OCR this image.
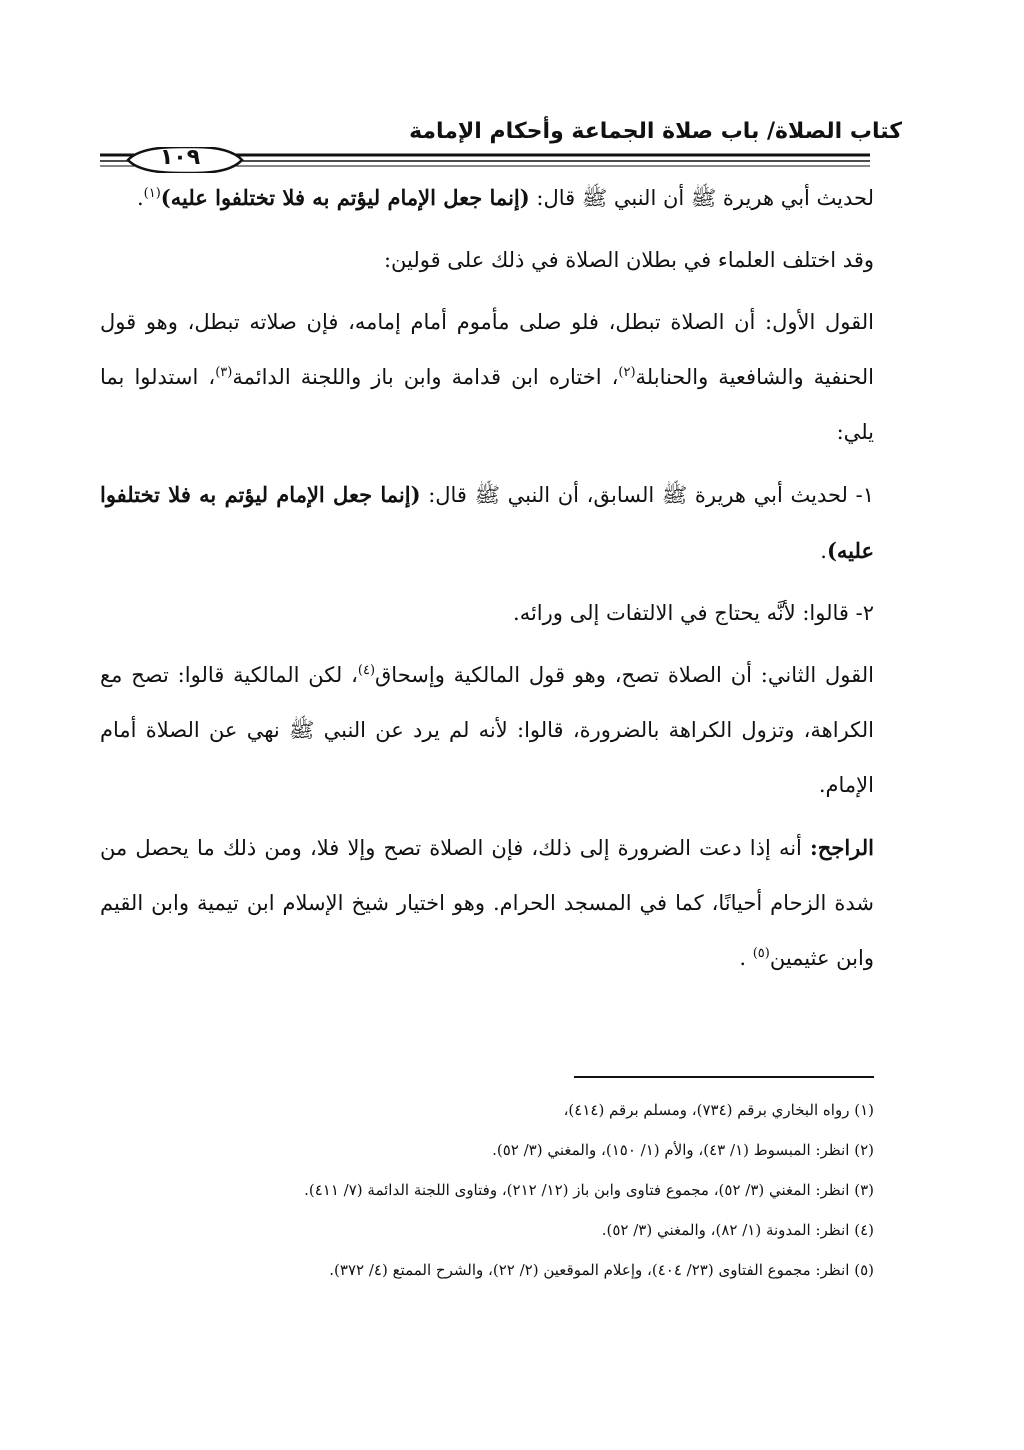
كتاب الصلاة/ باب صلاة الجماعة وأحكام الإمامة
١٠٩

لحديث أبي هريرة ﷺ أن النبي ﷺ قال: (إنما جعل الإمام ليؤتم به فلا تختلفوا عليه)$^{(١)}$.

وقد اختلف العلماء في بطلان الصلاة في ذلك على قولين:

القول الأول: أن الصلاة تبطل، فلو صلى مأموم أمام إمامه، فإن صلاته تبطل، وهو قول الحنفية والشافعية والحنابلة$^{(٢)}$، اختاره ابن قدامة وابن باز واللجنة الدائمة$^{(٣)}$، استدلوا بما يلي:

١- لحديث أبي هريرة ﷺ السابق، أن النبي ﷺ قال: (إنما جعل الإمام ليؤتم به فلا تختلفوا عليه).

٢- قالوا: لأنَّه يحتاج في الالتفات إلى ورائه.

القول الثاني: أن الصلاة تصح، وهو قول المالكية وإسحاق$^{(٤)}$، لكن المالكية قالوا: تصح مع الكراهة، وتزول الكراهة بالضرورة، قالوا: لأنه لم يرد عن النبي ﷺ نهي عن الصلاة أمام الإمام.

الراجح: أنه إذا دعت الضرورة إلى ذلك، فإن الصلاة تصح وإلا فلا، ومن ذلك ما يحصل من شدة الزحام أحيانًا، كما في المسجد الحرام. وهو اختيار شيخ الإسلام ابن تيمية وابن القيم وابن عثيمين$^{(٥)}$ .

(١) رواه البخاري برقم (٧٣٤)، ومسلم برقم (٤١٤)،

(٢) انظر: المبسوط (١/ ٤٣)، والأم (١/ ١٥٠)، والمغني (٣/ ٥٢).

(٣) انظر: المغني (٣/ ٥٢)، مجموع فتاوى وابن باز (١٢/ ٢١٢)، وفتاوى اللجنة الدائمة (٧/ ٤١١).

(٤) انظر: المدونة (١/ ٨٢)، والمغني (٣/ ٥٢).

(٥) انظر: مجموع الفتاوى (٢٣/ ٤٠٤)، وإعلام الموقعين (٢/ ٢٢)، والشرح الممتع (٤/ ٣٧٢).
